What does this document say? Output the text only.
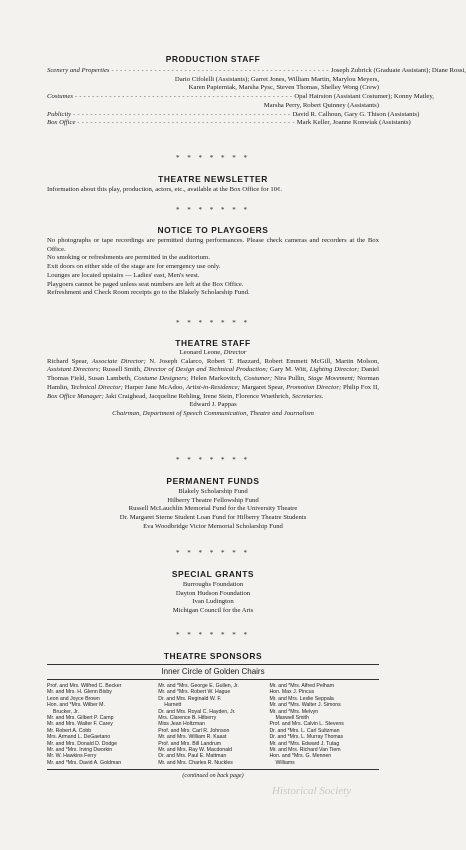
PRODUCTION STAFF

Scenery and Properties - - - - - - - - - - - - - - - - - - - - - - - - - - - - - - - - - - - - - - - - - - - - - - - - - - - Joseph Zubrick (Graduate Assistant); Diane Rossi,
Dario Cifolelli (Assistants); Garret Jones, William Martin, Marylou Meyers,
Karen Papierniak, Marsha Pysc, Steven Thomas, Shelley Wong (Crew)
Costumes - - - - - - - - - - - - - - - - - - - - - - - - - - - - - - - - - - - - - - - - - - - - - - - - - - - Opal Hairston (Assistant Costumer); Konny Matley,
Marsha Perry, Robert Quinney (Assistants)
Publicity - - - - - - - - - - - - - - - - - - - - - - - - - - - - - - - - - - - - - - - - - - - - - - - - - - - David R. Calhoun, Gary G. Thison (Assistants)
Box Office - - - - - - - - - - - - - - - - - - - - - - - - - - - - - - - - - - - - - - - - - - - - - - - - - - - Mark Keller, Joanne Konwiak (Assistants)

* * * * * * *

THEATRE NEWSLETTER

Information about this play, production, actors, etc., available at the Box Office for 10¢.

* * * * * * *

NOTICE TO PLAYGOERS

No photographs or tape recordings are permitted during performances. Please check cameras and recorders at the Box Office.
No smoking or refreshments are permitted in the auditorium.
Exit doors on either side of the stage are for emergency use only.
Lounges are located upstairs — Ladies' east, Men's west.
Playgoers cannot be paged unless seat numbers are left at the Box Office.
Refreshment and Check Room receipts go to the Blakely Scholarship Fund.

* * * * * * *

THEATRE STAFF

Leonard Leone, Director
Richard Spear, Associate Director; N. Joseph Calarco, Robert T. Hazzard, Robert Emmett McGill, Martin Molson, Assistant Directors; Russell Smith, Director of Design and Technical Production; Gary M. Witt, Lighting Director; Daniel Thomas Field, Susan Lambeth, Costume Designers; Helen Markovitch, Costumer; Nira Pullin, Stage Movement; Norman Hamlin, Technical Director; Harper Jane McAdoo, Artist-in-Residence; Margaret Spear, Promotion Director; Philip Fox II, Box Office Manager; Jaki Craighead, Jacqueline Rehling, Irene Stein, Florence Wuethrich, Secretaries.
Edward J. Pappas
Chairman, Department of Speech Communication, Theatre and Journalism

* * * * * * *

PERMANENT FUNDS

Blakely Scholarship Fund
Hilberry Theatre Fellowship Fund
Russell McLauchlin Memorial Fund for the University Theatre
Dr. Margaret Sterne Student Loan Fund for Hilberry Theatre Students
Eva Woodbridge Victor Memorial Scholarship Fund

* * * * * * *

SPECIAL GRANTS

Burroughs Foundation
Dayton Hudson Foundation
Ivan Ludington
Michigan Council for the Arts

* * * * * * *

THEATRE SPONSORS

Inner Circle of Golden Chairs

Prof. and Mrs. Wilfred C. Becker
Mr. and Mrs. H. Glenn Bixby
Leon and Joyce Brown
Hon. and *Mrs. Wilber M.
Brucker, Jr.
Mr. and Mrs. Gilbert P. Camp
Mr. and Mrs. Walter F. Carey
Mr. Robert A. Cobb
Mrs. Armand L. DeGaetano
Mr. and Mrs. Donald D. Dodge
Mr. and *Mrs. Irving Dworkin
Mr. W. Hawkins Ferry
Mr. and *Mrs. David A. Goldman
Mr. and *Mrs. George E. Gullen, Jr.
Mr. and *Mrs. Robert W. Hague
Dr. and Mrs. Reginald W. F.
Harnett
Dr. and Mrs. Royal C. Hayden, Jr.
Mrs. Clarence B. Hilberry
Miss Jean Holtzman
Prof. and Mrs. Carl R. Johnson
Mr. and Mrs. William R. Kaast
Prof. and Mrs. Bill Landrum
Mr. and Mrs. Ray W. Macdonald
Dr. and Mrs. Paul E. Mattman
Mr. and Mrs. Charles R. Nuckles
Mr. and *Mrs. Alfred Pelham
Hon. Max J. Pincus
Mr. and Mrs. Leslie Seppala
Mr. and *Mrs. Walter J. Simons
Mr. and *Mrs. Melvyn
Maxwell Smith
Prof. and Mrs. Calvin L. Stevens
Dr. and *Mrs. L. Carl Sultzman
Dr. and *Mrs. L. Murray Thomas
Mr. and *Mrs. Edward J. Tutag
Mr. and Mrs. Richard Van Tiem
Hon. and *Mrs. G. Mennen
Williams
(continued on back page)
Historical Society
